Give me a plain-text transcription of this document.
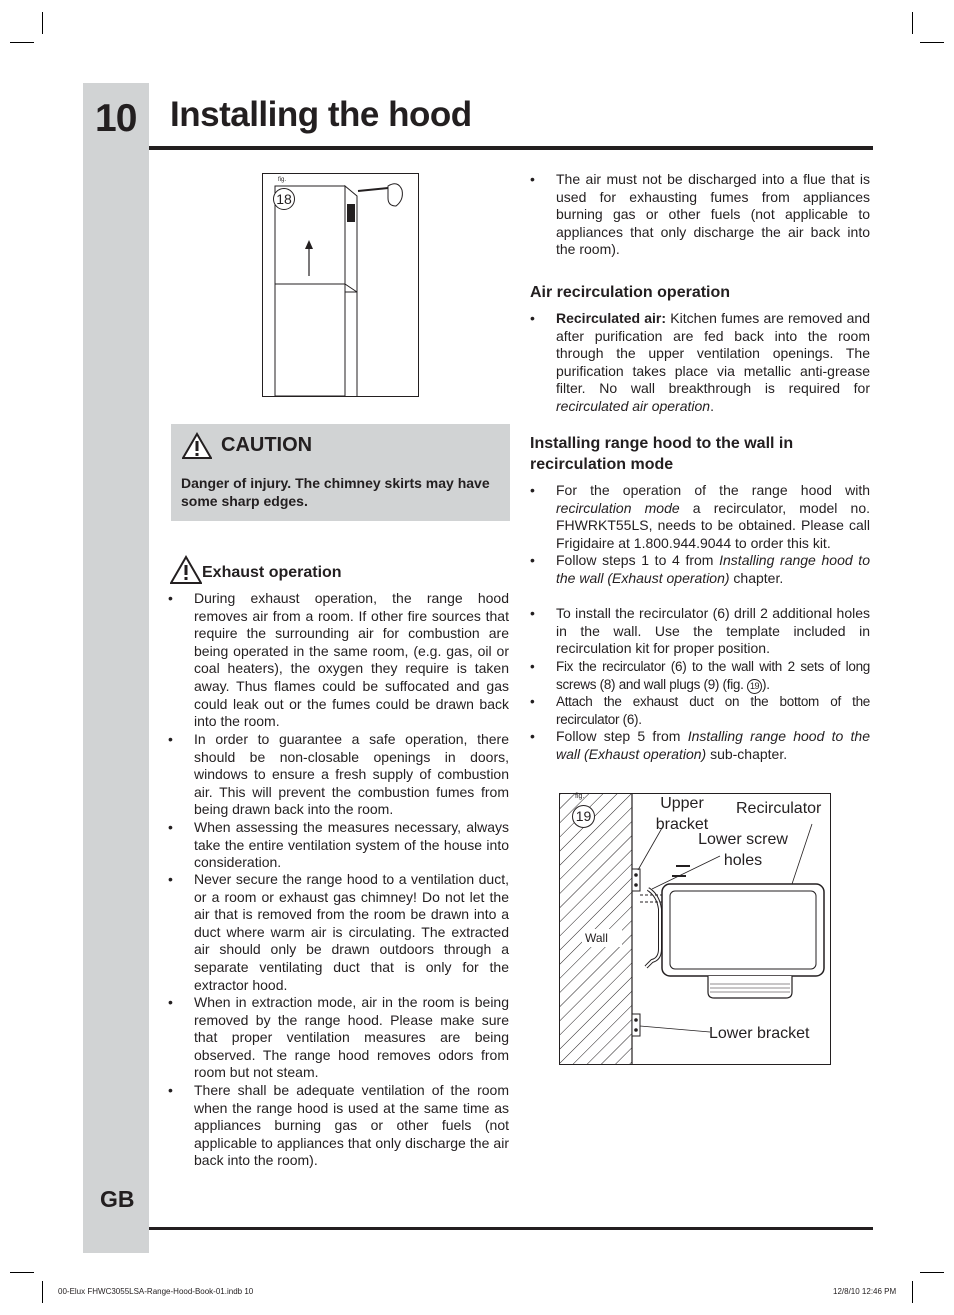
10 Installing the hood
GB
fig.
18
CAUTION
Danger of injury. The chimney skirts may have some sharp edges.
Exhaust operation
• During exhaust operation, the range hood removes air from a room. If other fire sources that require the surrounding air for combustion are being operated in the same room, (e.g. gas, oil or coal heaters), the oxygen they require is taken away. Thus flames could be suffocated and gas could leak out or the fumes could be drawn back into the room.
• In order to guarantee a safe operation, there should be non-closable openings in doors, windows to ensure a fresh supply of combustion air. This will prevent the combustion fumes from being drawn back into the room.
• When assessing the measures necessary, always take the entire ventilation system of the house into consideration.
• Never secure the range hood to a ventilation duct, or a room or exhaust gas chimney! Do not let the air that is removed from the room be drawn into a duct where warm air is circulating. The extracted air should only be drawn outdoors through a separate ventilating duct that is only for the extractor hood.
• When in extraction mode, air in the room is being removed by the range hood. Please make sure that proper ventilation measures are being observed. The range hood removes odors from room but not steam.
• There shall be adequate ventilation of the room when the range hood is used at the same time as appliances burning gas or other fuels (not applicable to appliances that only discharge the air back into the room).
• The air must not be discharged into a flue that is used for exhausting fumes from appliances burning gas or other fuels (not applicable to appliances that only discharge the air back into the room).
Air recirculation operation
• Recirculated air: Kitchen fumes are removed and after purification are fed back into the room through the upper ventilation openings. The purification takes place via metallic anti-grease filter. No wall breakthrough is required for recirculated air operation.
Installing range hood to the wall in recirculation mode
• For the operation of the range hood with recirculation mode a recirculator, model no. FHWRKT55LS, needs to be obtained. Please call Frigidaire at 1.800.944.9044 to order this kit.
• Follow steps 1 to 4 from Installing range hood to the wall (Exhaust operation) chapter.
• To install the recirculator (6) drill 2 additional holes in the wall. Use the template included in recirculation kit for proper position.
• Fix the recirculator (6) to the wall with 2 sets of long screws (8) and wall plugs (9) (fig. 19 ).
• Attach the exhaust duct on the bottom of the recirculator (6).
• Follow step 5 from Installing range hood to the wall (Exhaust operation) sub-chapter.
fig.
19
Upper bracket
Recirculator
Lower screw holes
Wall
Lower bracket
00-Elux FHWC3055LSA-Range-Hood-Book-01.indb 10	12/8/10 12:46 PM
